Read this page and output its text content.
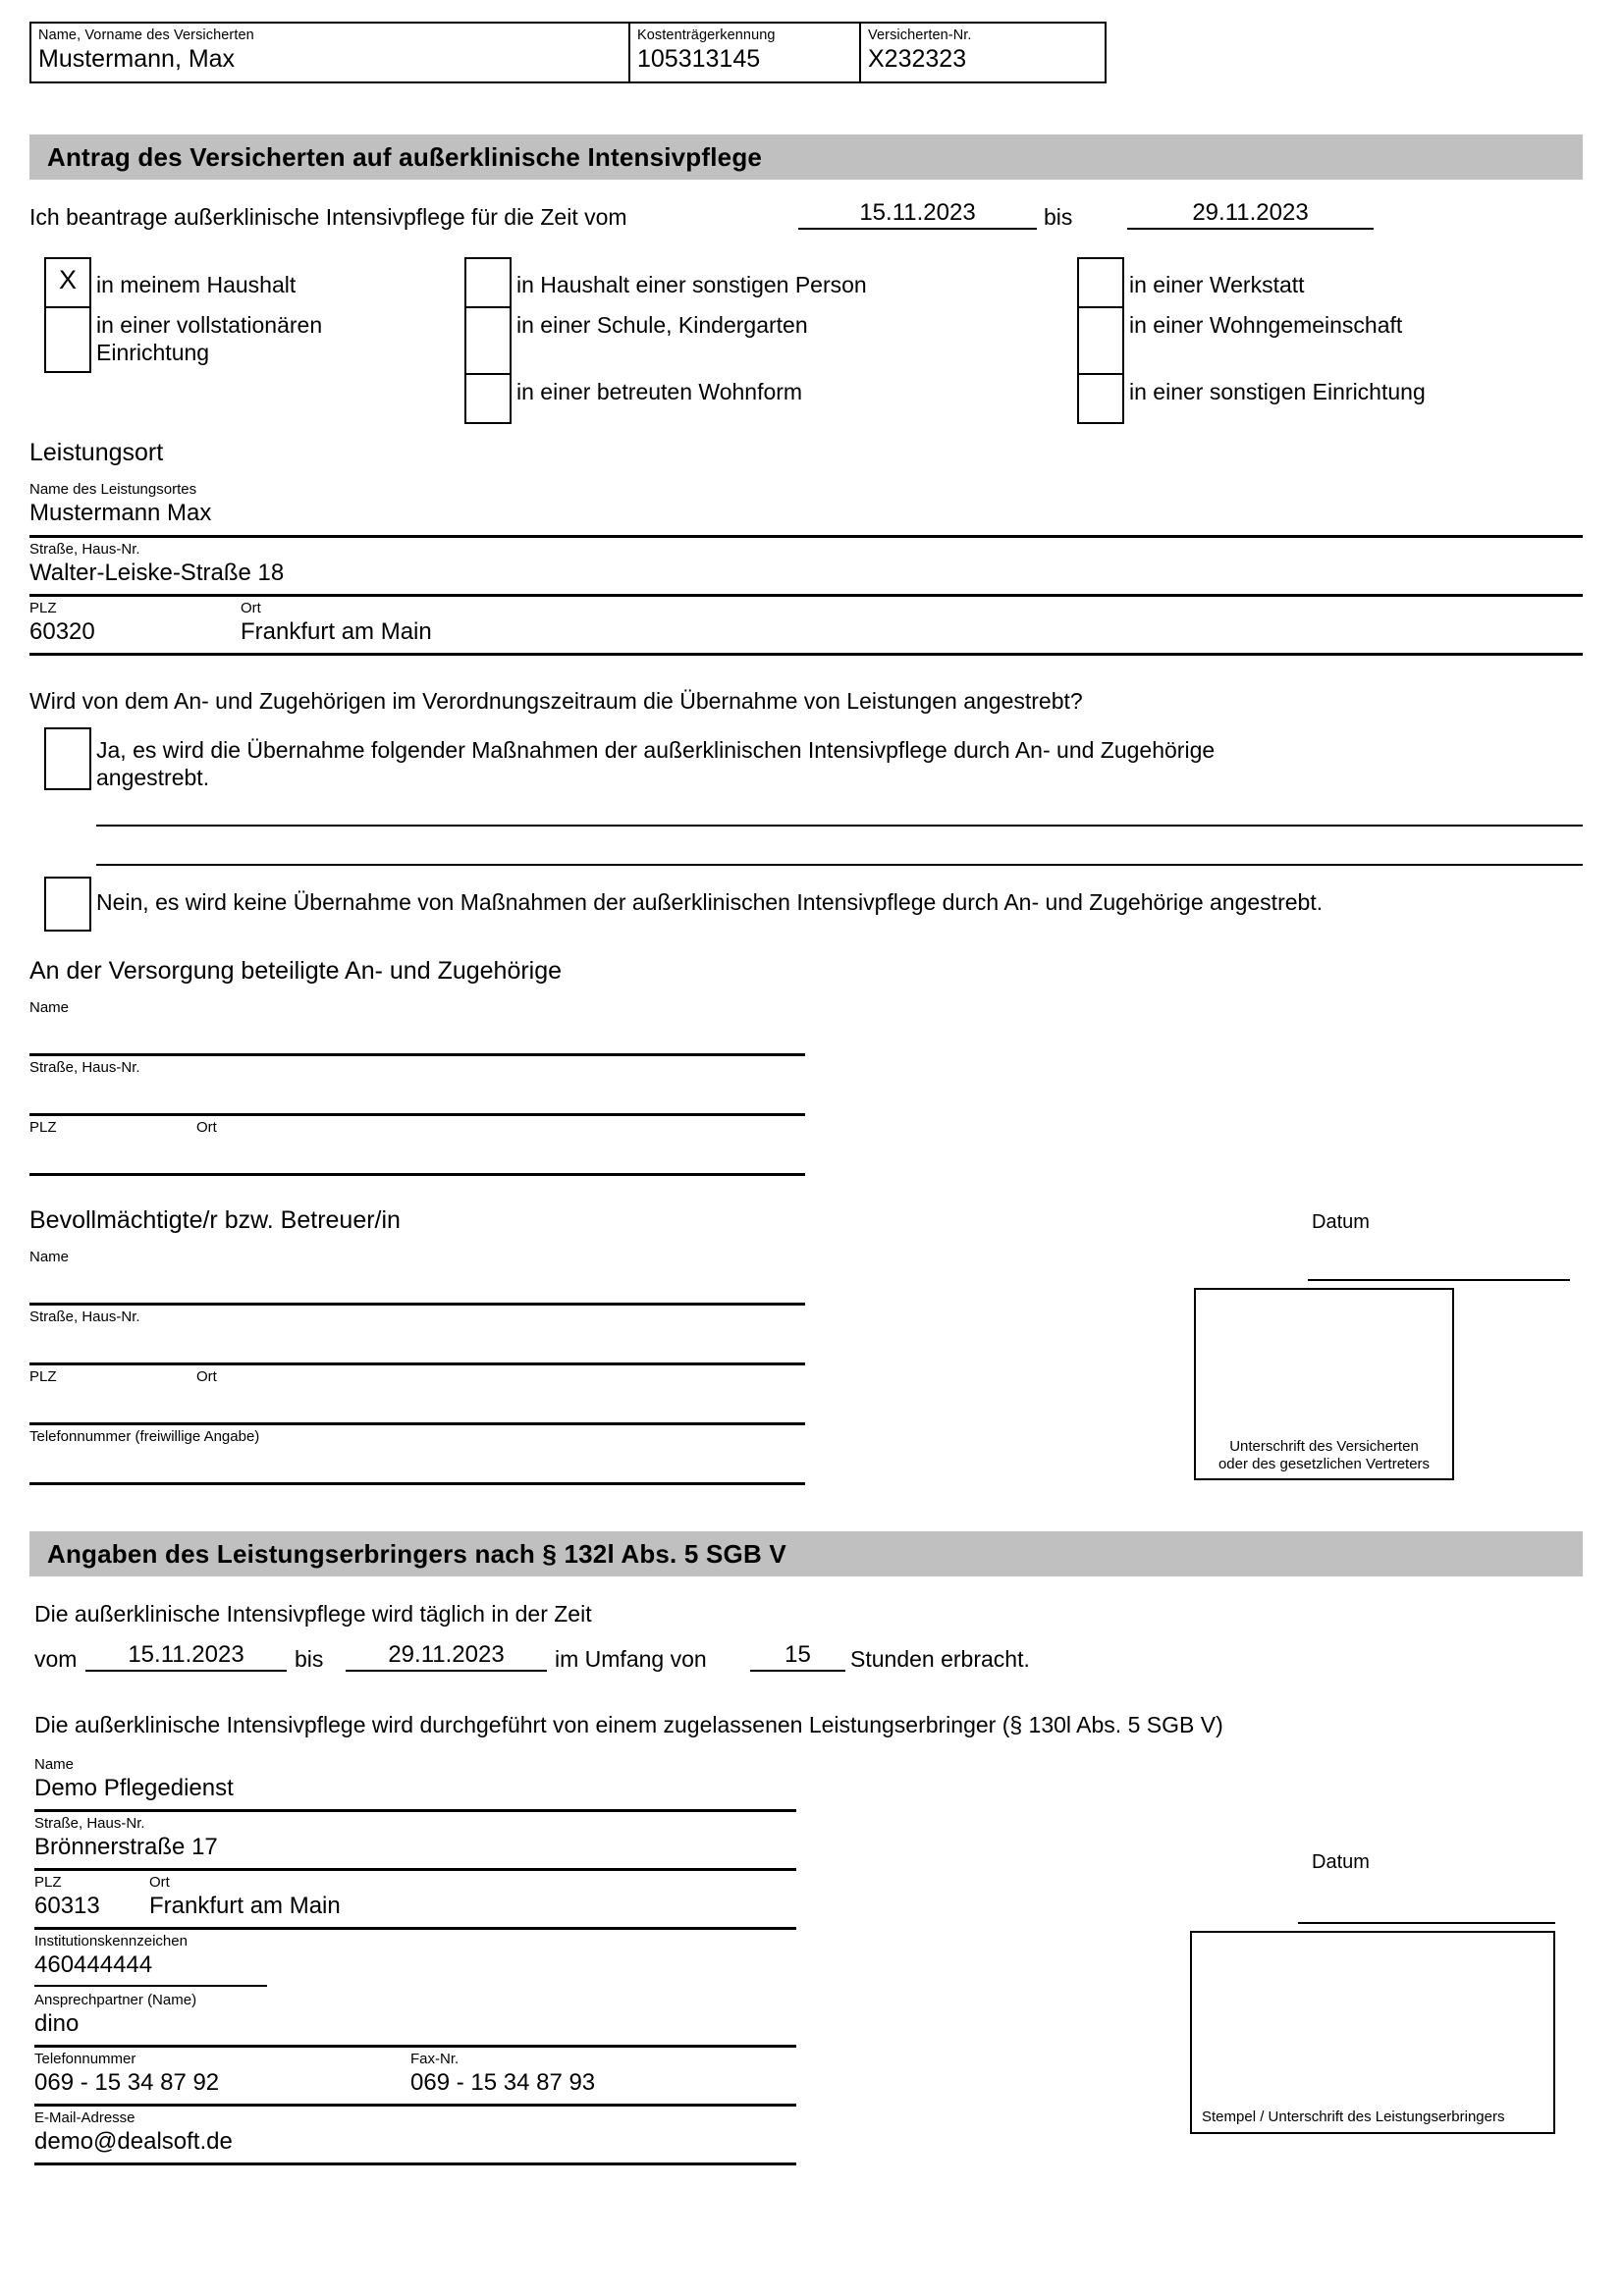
Name, Vorname des Versicherten
Mustermann, Max
Kostenträgerkennung
105313145
Versicherten-Nr.
X232323
Antrag des Versicherten auf außerklinische Intensivpflege
Ich beantrage außerklinische Intensivpflege für die Zeit vom	15.11.2023	bis	29.11.2023
X
in meinem Haushalt
in einer vollstationären
Einrichtung
in Haushalt einer sonstigen Person
in einer Schule, Kindergarten
in einer betreuten Wohnform
in einer Werkstatt
in einer Wohngemeinschaft
in einer sonstigen Einrichtung
Leistungsort
Name des Leistungsortes
Mustermann Max
Straße, Haus-Nr.
Walter-Leiske-Straße 18
PLZ	Ort
60320	Frankfurt am Main
Wird von dem An- und Zugehörigen im Verordnungszeitraum die Übernahme von Leistungen angestrebt?
Ja, es wird die Übernahme folgender Maßnahmen der außerklinischen Intensivpflege durch An- und Zugehörige
angestrebt.
Nein, es wird keine Übernahme von Maßnahmen der außerklinischen Intensivpflege durch An- und Zugehörige angestrebt.
An der Versorgung beteiligte An- und Zugehörige
Name
Straße, Haus-Nr.
PLZ	Ort
Bevollmächtigte/r bzw. Betreuer/in
Name
Straße, Haus-Nr.
PLZ	Ort
Telefonnummer (freiwillige Angabe)
Datum
Unterschrift des Versicherten
oder des gesetzlichen Vertreters
Angaben des Leistungserbringers nach § 132l Abs. 5 SGB V
Die außerklinische Intensivpflege wird täglich in der Zeit
vom	15.11.2023	bis	29.11.2023	im Umfang von	15	Stunden erbracht.
Die außerklinische Intensivpflege wird durchgeführt von einem zugelassenen Leistungserbringer (§ 130l Abs. 5 SGB V)
Name
Demo Pflegedienst
Straße, Haus-Nr.
Brönnerstraße 17
PLZ	Ort
60313 Frankfurt am Main
Institutionskennzeichen
460444444
Ansprechpartner (Name)
dino
Telefonnummer	Fax-Nr.
069 - 15 34 87 92	069 - 15 34 87 93
E-Mail-Adresse
demo@dealsoft.de
Datum
Stempel / Unterschrift des Leistungserbringers
